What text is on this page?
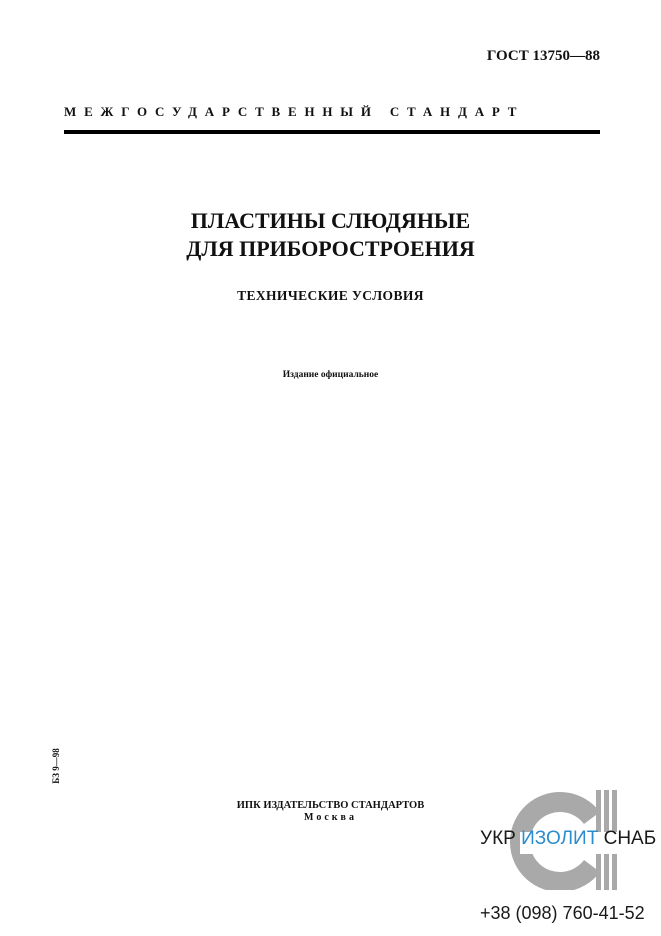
ГОСТ 13750—88
МЕЖГОСУДАРСТВЕННЫЙ СТАНДАРТ
ПЛАСТИНЫ СЛЮДЯНЫЕ
ДЛЯ ПРИБОРОСТРОЕНИЯ
ТЕХНИЧЕСКИЕ УСЛОВИЯ
Издание официальное
БЗ 9—98
ИПК ИЗДАТЕЛЬСТВО СТАНДАРТОВ
Москва
УКР ИЗОЛИТ СНАБ
+38 (098) 760-41-52
